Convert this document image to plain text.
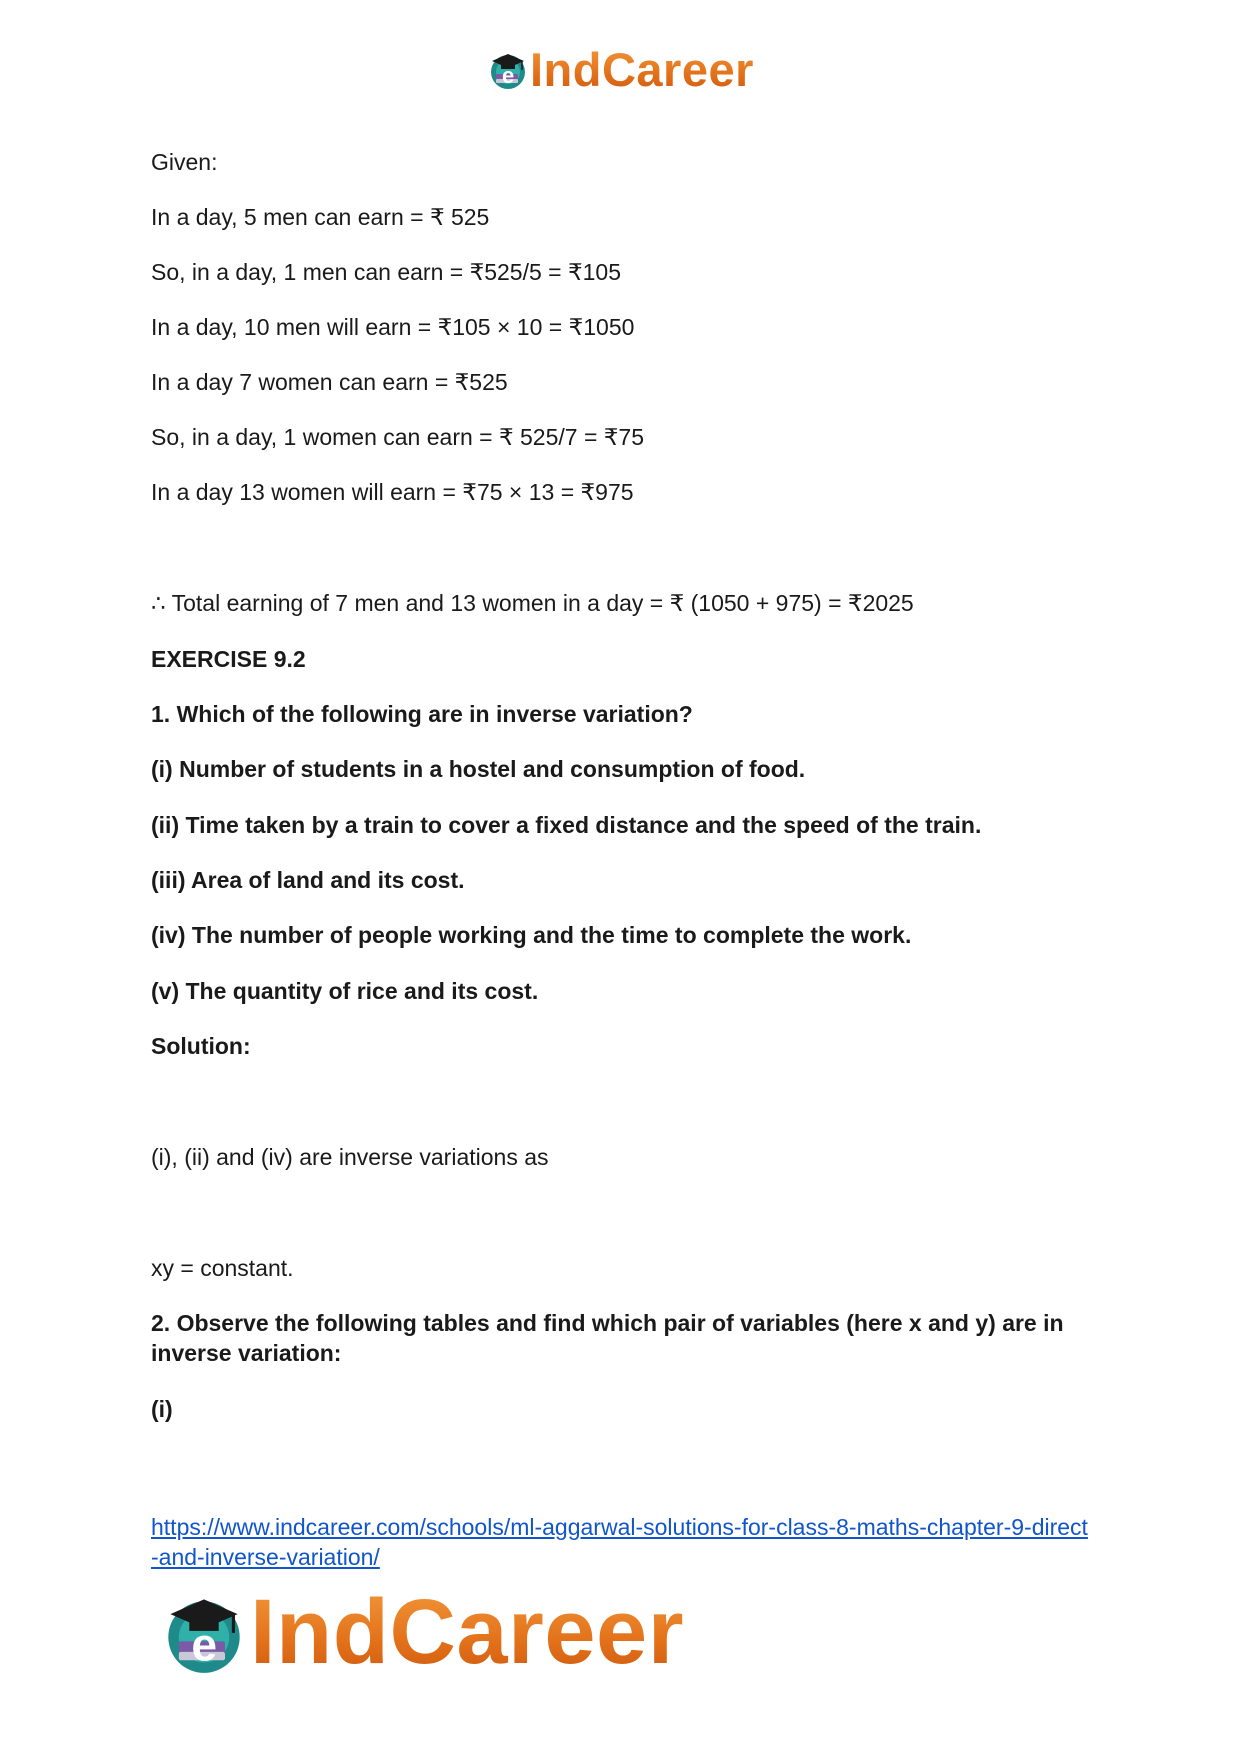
e IndCareer
Given:
In a day, 5 men can earn = ₹ 525
So, in a day, 1 men can earn = ₹525/5 = ₹105
In a day, 10 men will earn = ₹105 × 10 = ₹1050
In a day 7 women can earn = ₹525
So, in a day, 1 women can earn = ₹ 525/7 = ₹75
In a day 13 women will earn = ₹75 × 13 = ₹975
∴ Total earning of 7 men and 13 women in a day = ₹ (1050 + 975) = ₹2025
EXERCISE 9.2
1. Which of the following are in inverse variation?
(i) Number of students in a hostel and consumption of food.
(ii) Time taken by a train to cover a fixed distance and the speed of the train.
(iii) Area of land and its cost.
(iv) The number of people working and the time to complete the work.
(v) The quantity of rice and its cost.
Solution:
(i), (ii) and (iv) are inverse variations as
xy = constant.
2. Observe the following tables and find which pair of variables (here x and y) are in inverse variation:
(i)
https://www.indcareer.com/schools/ml-aggarwal-solutions-for-class-8-maths-chapter-9-direct
-and-inverse-variation/
e IndCareer
